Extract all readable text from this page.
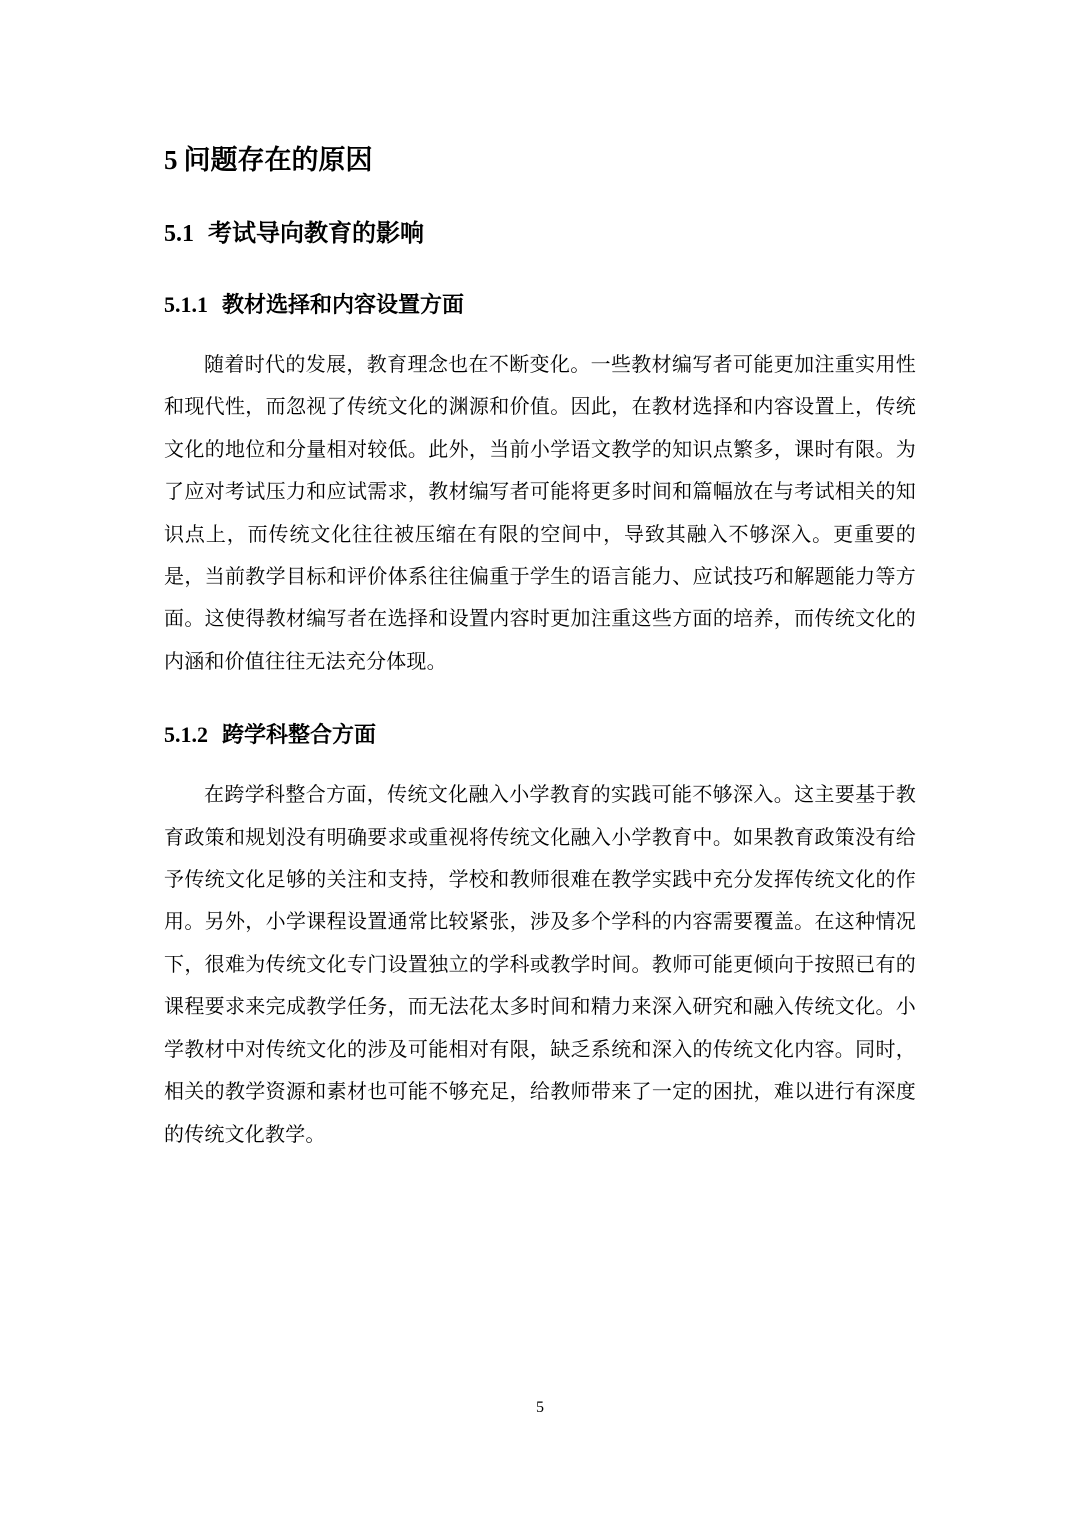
5 问题存在的原因
5.1 考试导向教育的影响
5.1.1 教材选择和内容设置方面

随着时代的发展，教育理念也在不断变化。一些教材编写者可能更加注重实用性和现代性，而忽视了传统文化的渊源和价值。因此，在教材选择和内容设置上，传统文化的地位和分量相对较低。此外，当前小学语文教学的知识点繁多，课时有限。为了应对考试压力和应试需求，教材编写者可能将更多时间和篇幅放在与考试相关的知识点上，而传统文化往往被压缩在有限的空间中，导致其融入不够深入。更重要的是，当前教学目标和评价体系往往偏重于学生的语言能力、应试技巧和解题能力等方面。这使得教材编写者在选择和设置内容时更加注重这些方面的培养，而传统文化的内涵和价值往往无法充分体现。

5.1.2 跨学科整合方面

在跨学科整合方面，传统文化融入小学教育的实践可能不够深入。这主要基于教育政策和规划没有明确要求或重视将传统文化融入小学教育中。如果教育政策没有给予传统文化足够的关注和支持，学校和教师很难在教学实践中充分发挥传统文化的作用。另外，小学课程设置通常比较紧张，涉及多个学科的内容需要覆盖。在这种情况下，很难为传统文化专门设置独立的学科或教学时间。教师可能更倾向于按照已有的课程要求来完成教学任务，而无法花太多时间和精力来深入研究和融入传统文化。小学教材中对传统文化的涉及可能相对有限，缺乏系统和深入的传统文化内容。同时，相关的教学资源和素材也可能不够充足，给教师带来了一定的困扰，难以进行有深度的传统文化教学。

5
